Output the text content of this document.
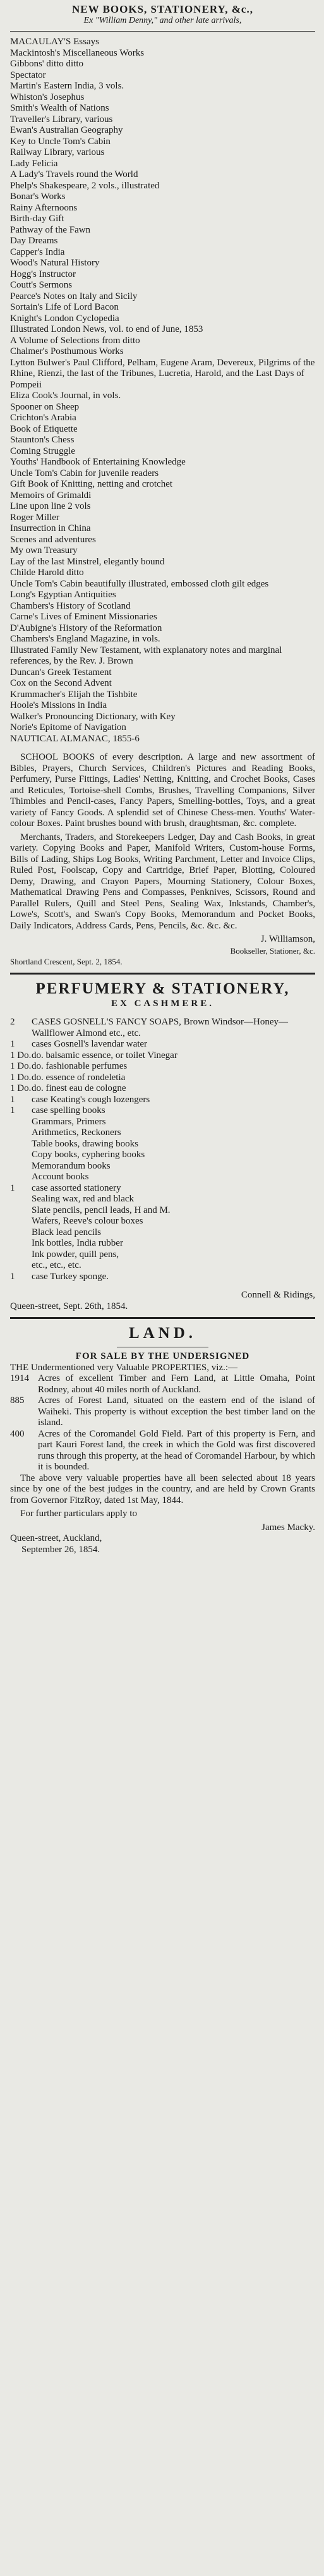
NEW BOOKS, STATIONERY, &c.,
Ex "William Denny," and other late arrivals,
MACAULAY'S Essays
Mackintosh's Miscellaneous Works
Gibbons' ditto ditto
Spectator
Martin's Eastern India, 3 vols.
Whiston's Josephus
Smith's Wealth of Nations
Traveller's Library, various
Ewan's Australian Geography
Key to Uncle Tom's Cabin
Railway Library, various
Lady Felicia
A Lady's Travels round the World
Phelp's Shakespeare, 2 vols., illustrated
Bonar's Works
Rainy Afternoons
Birth-day Gift
Pathway of the Fawn
Day Dreams
Capper's India
Wood's Natural History
Hogg's Instructor
Coutt's Sermons
Pearce's Notes on Italy and Sicily
Sortain's Life of Lord Bacon
Knight's London Cyclopedia
Illustrated London News, vol. to end of June, 1853
A Volume of Selections from ditto
Chalmer's Posthumous Works
Lytton Bulwer's Paul Clifford, Pelham, Eugene Aram, Devereux, Pilgrims of the Rhine, Rienzi, the last of the Tribunes, Lucretia, Harold, and the Last Days of Pompeii
Eliza Cook's Journal, in vols.
Spooner on Sheep
Crichton's Arabia
Book of Etiquette
Staunton's Chess
Coming Struggle
Youths' Handbook of Entertaining Knowledge
Uncle Tom's Cabin for juvenile readers
Gift Book of Knitting, netting and crotchet
Memoirs of Grimaldi
Line upon line 2 vols
Roger Miller
Insurrection in China
Scenes and adventures
My own Treasury
Lay of the last Minstrel, elegantly bound
Childe Harold ditto
Uncle Tom's Cabin beautifully illustrated, embossed cloth gilt edges
Long's Egyptian Antiquities
Chambers's History of Scotland
Carne's Lives of Eminent Missionaries
D'Aubigne's History of the Reformation
Chambers's England Magazine, in vols.
Illustrated Family New Testament, with explanatory notes and marginal references, by the Rev. J. Brown
Duncan's Greek Testament
Cox on the Second Advent
Krummacher's Elijah the Tishbite
Hoole's Missions in India
Walker's Pronouncing Dictionary, with Key
Norie's Epitome of Navigation
NAUTICAL ALMANAC, 1855-6

SCHOOL BOOKS of every description. A large and new assortment of Bibles, Prayers, Church Services, Children's Pictures and Reading Books, Perfumery, Purse Fittings, Ladies' Netting, Knitting, and Crochet Books, Cases and Reticules, Tortoise-shell Combs, Brushes, Travelling Companions, Silver Thimbles and Pencil-cases, Fancy Papers, Smelling-bottles, Toys, and a great variety of Fancy Goods. A splendid set of Chinese Chess-men. Youths' Water-colour Boxes. Paint brushes bound with brush, draughtsman, &c. complete.

Merchants, Traders, and Storekeepers Ledger, Day and Cash Books, in great variety. Copying Books and Paper, Manifold Writers, Custom-house Forms, Bills of Lading, Ships Log Books, Writing Parchment, Letter and Invoice Clips, Ruled Post, Foolscap, Copy and Cartridge, Brief Paper, Blotting, Coloured Demy, Drawing, and Crayon Papers, Mourning Stationery, Colour Boxes, Mathematical Drawing Pens and Compasses, Penknives, Scissors, Round and Parallel Rulers, Quill and Steel Pens, Sealing Wax, Inkstands, Chamber's, Lowe's, Scott's, and Swan's Copy Books, Memorandum and Pocket Books, Daily Indicators, Address Cards, Pens, Pencils, &c. &c. &c.

J. Williamson,
Bookseller, Stationer, &c.
Shortland Crescent, Sept. 2, 1854.
PERFUMERY & STATIONERY,
EX CASHMERE.
2	CASES GOSNELL'S FANCY SOAPS, Brown Windsor—Honey—Wallflower Almond etc., etc.
1	cases Gosnell's lavendar water
1 Do. do. balsamic essence, or toilet Vinegar
1 Do. do. fashionable perfumes
1 Do. do. essence of rondeletia
1 Do. do. finest eau de cologne
1	case Keating's cough lozengers
1	case spelling books
Grammars, Primers
Arithmetics, Reckoners
Table books, drawing books
Copy books, cyphering books
Memorandum books
Account books
1	case assorted stationery
Sealing wax, red and black
Slate pencils, pencil leads, H and M.
Wafers, Reeve's colour boxes
Black lead pencils
Ink bottles, India rubber
Ink powder, quill pens,
etc., etc., etc.
1	case Turkey sponge.
Connell & Ridings,
Queen-street, Sept. 26th, 1854.
LAND.
FOR SALE BY THE UNDERSIGNED
THE Undermentioned very Valuable PROPERTIES, viz.:—
1914 Acres of excellent Timber and Fern Land, at Little Omaha, Point Rodney, about 40 miles north of Auckland.
885	Acres of Forest Land, situated on the eastern end of the island of Waiheki. This property is without exception the best timber land on the island.
400	Acres of the Coromandel Gold Field. Part of this property is Fern, and part Kauri Forest land, the creek in which the Gold was first discovered runs through this property, at the head of Coromandel Harbour, by which it is bounded.

The above very valuable properties have all been selected about 18 years since by one of the best judges in the country, and are held by Crown Grants from Governor FitzRoy, dated 1st May, 1844.

For further particulars apply to

James Macky.
Queen-street, Auckland,
September 26, 1854.
